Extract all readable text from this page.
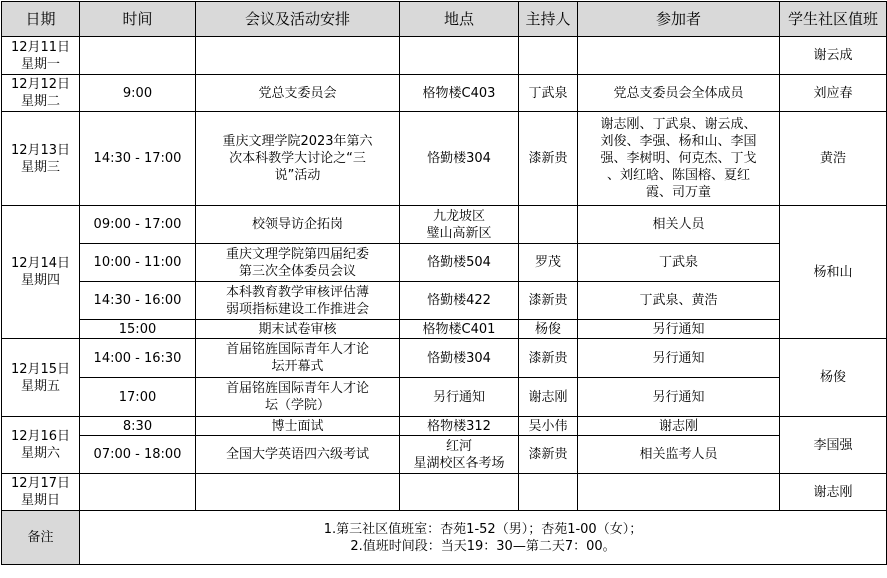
日期	时间	会议及活动安排	地点	主持人	参加者	学生社区值班

12月11日
星期一						谢云成

12月12日
星期二	9:00	党总支委员会	格物楼C403	丁武泉	党总支委员会全体成员	刘应春

12月13日
星期三	14:30 - 17:00	重庆文理学院2023年第六
次本科教学大讨论之“三
说”活动	恪勤楼304	漆新贵	谢志刚、丁武泉、谢云成、
刘俊、李强、杨和山、李国
强、李树明、何克杰、丁戈
、刘红晗、陈国榕、夏红
霞、司万童	黄浩

12月14日
星期四	09:00 - 17:00	校领导访企拓岗	九龙坡区
璧山高新区		相关人员	杨和山
	10:00 - 11:00	重庆文理学院第四届纪委
第三次全体委员会议	恪勤楼504	罗茂	丁武泉	
	14:30 - 16:00	本科教育教学审核评估薄
弱项指标建设工作推进会	恪勤楼422	漆新贵	丁武泉、黄浩	
	15:00	期末试卷审核	格物楼C401	杨俊	另行通知	

12月15日
星期五	14:00 - 16:30	首届铭旌国际青年人才论
坛开幕式	恪勤楼304	漆新贵	另行通知	杨俊
	17:00	首届铭旌国际青年人才论
坛（学院）	另行通知	谢志刚	另行通知	

12月16日
星期六	8:30	博士面试	格物楼312	吴小伟	谢志刚	李国强
	07:00 - 18:00	全国大学英语四六级考试	红河
星湖校区各考场	漆新贵	相关监考人员	

12月17日
星期日						谢志刚
备注	1.第三社区值班室：杏苑1-52（男）；杏苑1-00（女）；
2.值班时间段：当天19：30—第二天7：00。					
